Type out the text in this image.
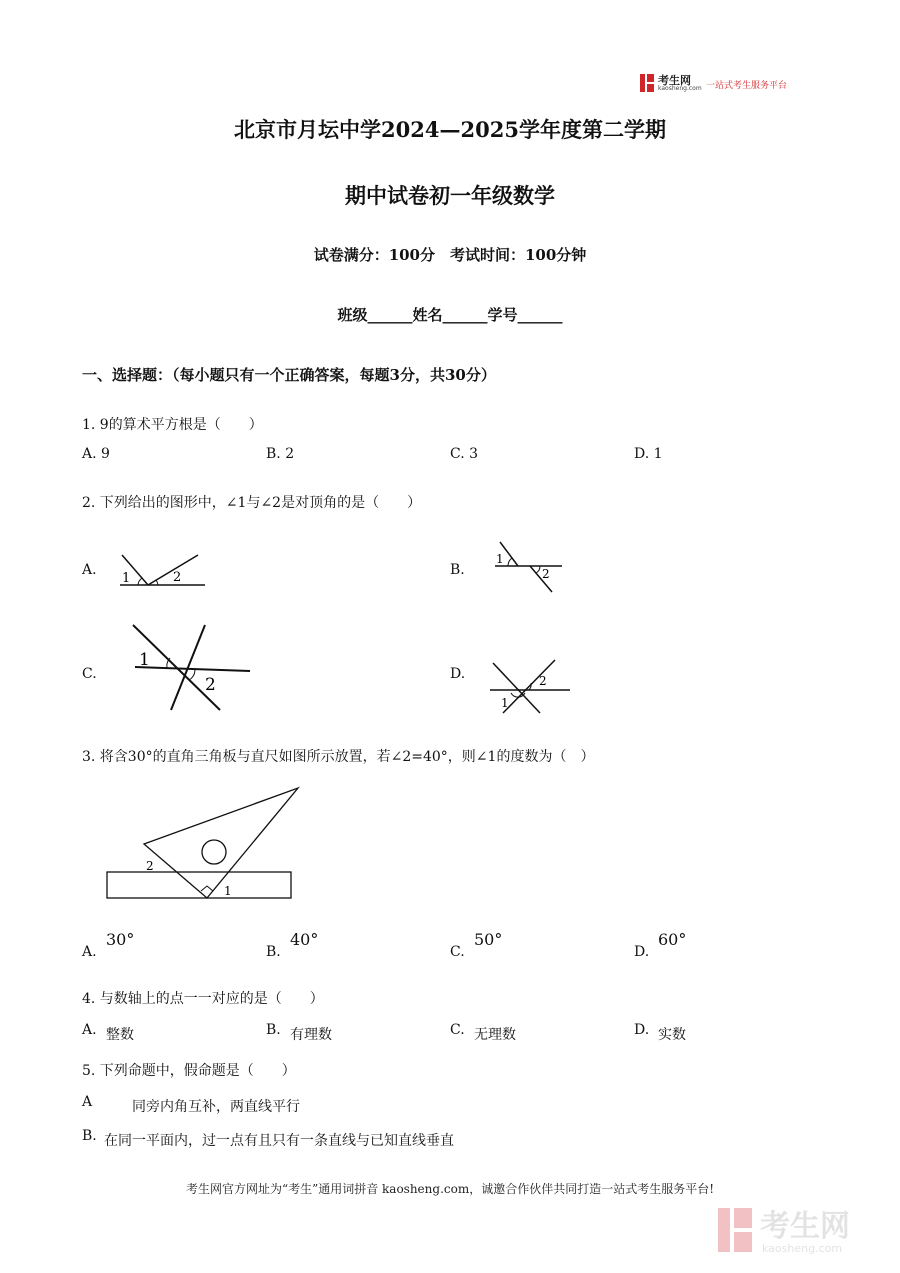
考生网
kaosheng.com 一站式考生服务平台
北京市月坛中学2024—2025学年度第二学期
期中试卷初一年级数学
试卷满分：100分　考试时间：100分钟
班级______姓名______学号______
一、选择题：（每小题只有一个正确答案，每题3分，共30分）
1. 9的算术平方根是（　　）
A. 9	B. 2	C. 3	D. 1
2. 下列给出的图形中，∠1与∠2是对顶角的是（　　）
A.
1	2	B.
1
2
C.
1
2
D.
1
2
3. 将含30°的直角三角板与直尺如图所示放置，若∠2=40°，则∠1的度数为（　）
2
1
A.
30°
B.
40°
C.
50°
D.
60°
4. 与数轴上的点一一对应的是（　　）
A. 整数	B. 有理数	C. 无理数	D. 实数
5. 下列命题中，假命题是（　　）
A	同旁内角互补，两直线平行
B. 在同一平面内，过一点有且只有一条直线与已知直线垂直
考生网官方网址为“考生”通用词拼音 kaosheng.com，诚邀合作伙伴共同打造一站式考生服务平台!
考生网
kaosheng.com
